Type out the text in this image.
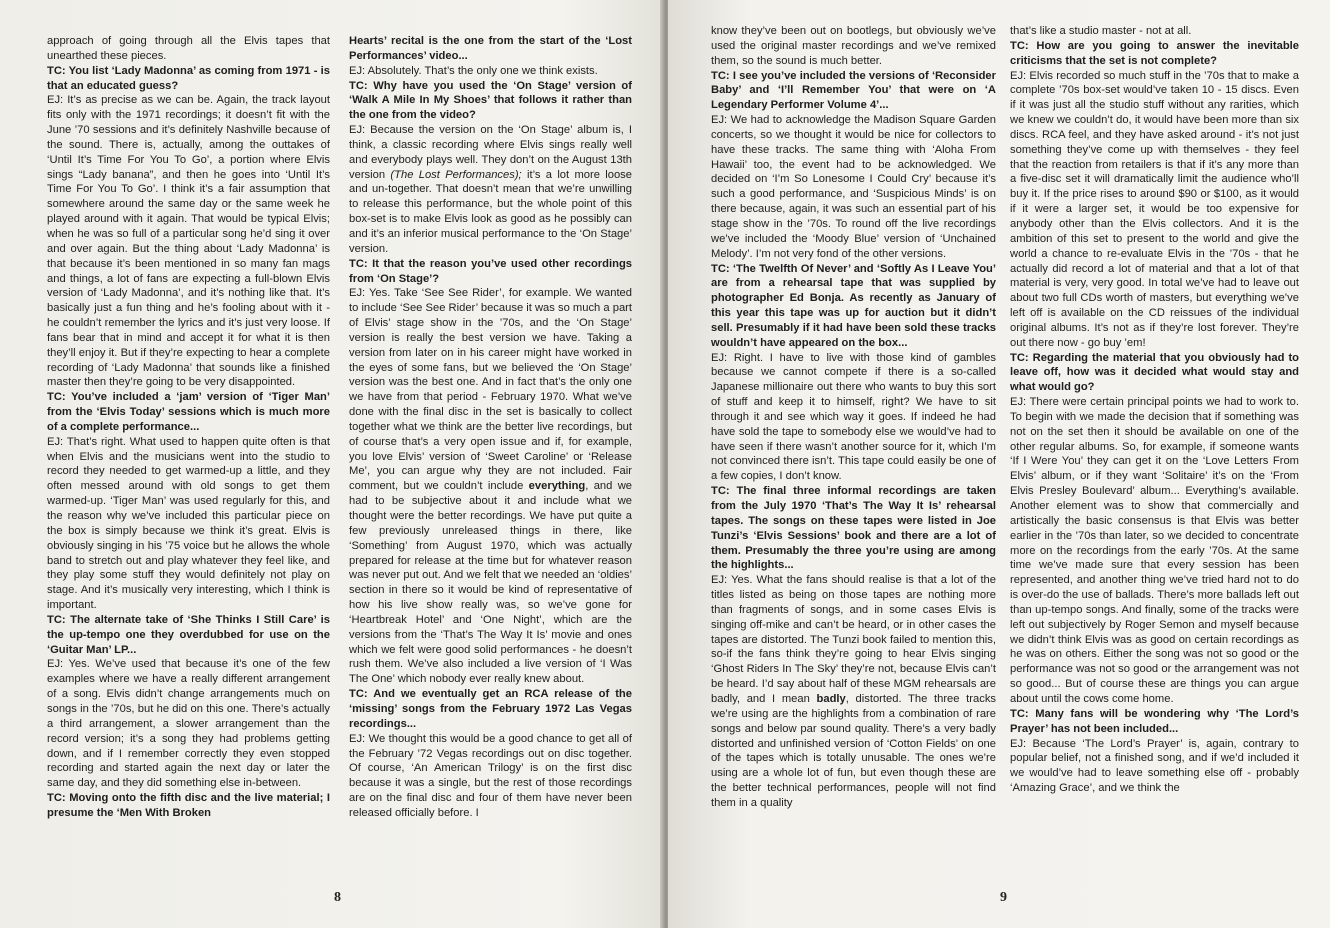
approach of going through all the Elvis tapes that unearthed these pieces.

TC: You list ‘Lady Madonna’ as coming from 1971 - is that an educated guess?

EJ: It’s as precise as we can be. Again, the track layout fits only with the 1971 recordings; it doesn’t fit with the June ’70 sessions and it’s definitely Nashville because of the sound. There is, actually, among the outtakes of ‘Until It’s Time For You To Go’, a portion where Elvis sings “Lady banana”, and then he goes into ‘Until It’s Time For You To Go’. I think it’s a fair assumption that somewhere around the same day or the same week he played around with it again. That would be typical Elvis; when he was so full of a particular song he’d sing it over and over again. But the thing about ‘Lady Madonna’ is that because it’s been mentioned in so many fan mags and things, a lot of fans are expecting a full-blown Elvis version of ‘Lady Madonna’, and it’s nothing like that. It’s basically just a fun thing and he’s fooling about with it - he couldn’t remember the lyrics and it’s just very loose. If fans bear that in mind and accept it for what it is then they’ll enjoy it. But if they’re expecting to hear a complete recording of ‘Lady Madonna’ that sounds like a finished master then they’re going to be very disappointed.

TC: You’ve included a ‘jam’ version of ‘Tiger Man’ from the ‘Elvis Today’ sessions which is much more of a complete performance...

EJ: That’s right. What used to happen quite often is that when Elvis and the musicians went into the studio to record they needed to get warmed-up a little, and they often messed around with old songs to get them warmed-up. ‘Tiger Man’ was used regularly for this, and the reason why we’ve included this particular piece on the box is simply because we think it’s great. Elvis is obviously singing in his ’75 voice but he allows the whole band to stretch out and play whatever they feel like, and they play some stuff they would definitely not play on stage. And it’s musically very interesting, which I think is important.

TC: The alternate take of ‘She Thinks I Still Care’ is the up-tempo one they overdubbed for use on the ‘Guitar Man’ LP...

EJ: Yes. We’ve used that because it’s one of the few examples where we have a really different arrangement of a song. Elvis didn’t change arrangements much on songs in the ’70s, but he did on this one. There’s actually a third arrangement, a slower arrangement than the record version; it’s a song they had problems getting down, and if I remember correctly they even stopped recording and started again the next day or later the same day, and they did something else in-between.

TC: Moving onto the fifth disc and the live material; I presume the ‘Men With Broken

Hearts’ recital is the one from the start of the ‘Lost Performances’ video...

EJ: Absolutely. That’s the only one we think exists.

TC: Why have you used the ‘On Stage’ version of ‘Walk A Mile In My Shoes’ that follows it rather than the one from the video?

EJ: Because the version on the ‘On Stage’ album is, I think, a classic recording where Elvis sings really well and everybody plays well. They don’t on the August 13th version (The Lost Performances); it’s a lot more loose and un-together. That doesn’t mean that we’re unwilling to release this performance, but the whole point of this box-set is to make Elvis look as good as he possibly can and it’s an inferior musical performance to the ‘On Stage’ version.

TC: It that the reason you’ve used other recordings from ‘On Stage’?

EJ: Yes. Take ‘See See Rider’, for example. We wanted to include ‘See See Rider’ because it was so much a part of Elvis’ stage show in the ’70s, and the ‘On Stage’ version is really the best version we have. Taking a version from later on in his career might have worked in the eyes of some fans, but we believed the ‘On Stage’ version was the best one. And in fact that’s the only one we have from that period - February 1970. What we’ve done with the final disc in the set is basically to collect together what we think are the better live recordings, but of course that’s a very open issue and if, for example, you love Elvis’ version of ‘Sweet Caroline’ or ‘Release Me’, you can argue why they are not included. Fair comment, but we couldn’t include everything, and we had to be subjective about it and include what we thought were the better recordings. We have put quite a few previously unreleased things in there, like ‘Something’ from August 1970, which was actually prepared for release at the time but for whatever reason was never put out. And we felt that we needed an ‘oldies’ section in there so it would be kind of representative of how his live show really was, so we’ve gone for ‘Heartbreak Hotel’ and ‘One Night’, which are the versions from the ‘That’s The Way It Is’ movie and ones which we felt were good solid performances - he doesn’t rush them. We’ve also included a live version of ‘I Was The One’ which nobody ever really knew about.

TC: And we eventually get an RCA release of the ‘missing’ songs from the February 1972 Las Vegas recordings...

EJ: We thought this would be a good chance to get all of the February ’72 Vegas recordings out on disc together. Of course, ‘An American Trilogy’ is on the first disc because it was a single, but the rest of those recordings are on the final disc and four of them have never been released officially before. I

8

know they’ve been out on bootlegs, but obviously we’ve used the original master recordings and we’ve remixed them, so the sound is much better.

TC: I see you’ve included the versions of ‘Reconsider Baby’ and ‘I’ll Remember You’ that were on ‘A Legendary Performer Volume 4’...

EJ: We had to acknowledge the Madison Square Garden concerts, so we thought it would be nice for collectors to have these tracks. The same thing with ‘Aloha From Hawaii’ too, the event had to be acknowledged. We decided on ‘I’m So Lonesome I Could Cry’ because it’s such a good performance, and ‘Suspicious Minds’ is on there because, again, it was such an essential part of his stage show in the ’70s. To round off the live recordings we’ve included the ‘Moody Blue’ version of ‘Unchained Melody’. I’m not very fond of the other versions.

TC: ‘The Twelfth Of Never’ and ‘Softly As I Leave You’ are from a rehearsal tape that was supplied by photographer Ed Bonja. As recently as January of this year this tape was up for auction but it didn’t sell. Presumably if it had have been sold these tracks wouldn’t have appeared on the box...

EJ: Right. I have to live with those kind of gambles because we cannot compete if there is a so-called Japanese millionaire out there who wants to buy this sort of stuff and keep it to himself, right? We have to sit through it and see which way it goes. If indeed he had have sold the tape to somebody else we would’ve had to have seen if there wasn’t another source for it, which I’m not convinced there isn’t. This tape could easily be one of a few copies, I don’t know.

TC: The final three informal recordings are taken from the July 1970 ‘That’s The Way It Is’ rehearsal tapes. The songs on these tapes were listed in Joe Tunzi’s ‘Elvis Sessions’ book and there are a lot of them. Presumably the three you’re using are among the highlights...

EJ: Yes. What the fans should realise is that a lot of the titles listed as being on those tapes are nothing more than fragments of songs, and in some cases Elvis is singing off-mike and can’t be heard, or in other cases the tapes are distorted. The Tunzi book failed to mention this, so-if the fans think they’re going to hear Elvis singing ‘Ghost Riders In The Sky’ they’re not, because Elvis can’t be heard. I’d say about half of these MGM rehearsals are badly, and I mean badly, distorted. The three tracks we’re using are the highlights from a combination of rare songs and below par sound quality. There’s a very badly distorted and unfinished version of ‘Cotton Fields’ on one of the tapes which is totally unusable. The ones we’re using are a whole lot of fun, but even though these are the better technical performances, people will not find them in a quality

that’s like a studio master - not at all.

TC: How are you going to answer the inevitable criticisms that the set is not complete?

EJ: Elvis recorded so much stuff in the ’70s that to make a complete ’70s box-set would’ve taken 10 - 15 discs. Even if it was just all the studio stuff without any rarities, which we knew we couldn’t do, it would have been more than six discs. RCA feel, and they have asked around - it’s not just something they’ve come up with themselves - they feel that the reaction from retailers is that if it’s any more than a five-disc set it will dramatically limit the audience who’ll buy it. If the price rises to around $90 or $100, as it would if it were a larger set, it would be too expensive for anybody other than the Elvis collectors. And it is the ambition of this set to present to the world and give the world a chance to re-evaluate Elvis in the ’70s - that he actually did record a lot of material and that a lot of that material is very, very good. In total we’ve had to leave out about two full CDs worth of masters, but everything we’ve left off is available on the CD reissues of the individual original albums. It’s not as if they’re lost forever. They’re out there now - go buy ’em!

TC: Regarding the material that you obviously had to leave off, how was it decided what would stay and what would go?

EJ: There were certain principal points we had to work to. To begin with we made the decision that if something was not on the set then it should be available on one of the other regular albums. So, for example, if someone wants ‘If I Were You’ they can get it on the ‘Love Letters From Elvis’ album, or if they want ‘Solitaire’ it’s on the ‘From Elvis Presley Boulevard’ album... Everything’s available. Another element was to show that commercially and artistically the basic consensus is that Elvis was better earlier in the ’70s than later, so we decided to concentrate more on the recordings from the early ’70s. At the same time we’ve made sure that every session has been represented, and another thing we’ve tried hard not to do is over-do the use of ballads. There’s more ballads left out than up-tempo songs. And finally, some of the tracks were left out subjectively by Roger Semon and myself because we didn’t think Elvis was as good on certain recordings as he was on others. Either the song was not so good or the performance was not so good or the arrangement was not so good... But of course these are things you can argue about until the cows come home.

TC: Many fans will be wondering why ‘The Lord’s Prayer’ has not been included...

EJ: Because ‘The Lord’s Prayer’ is, again, contrary to popular belief, not a finished song, and if we’d included it we would’ve had to leave something else off - probably ‘Amazing Grace’, and we think the

9
